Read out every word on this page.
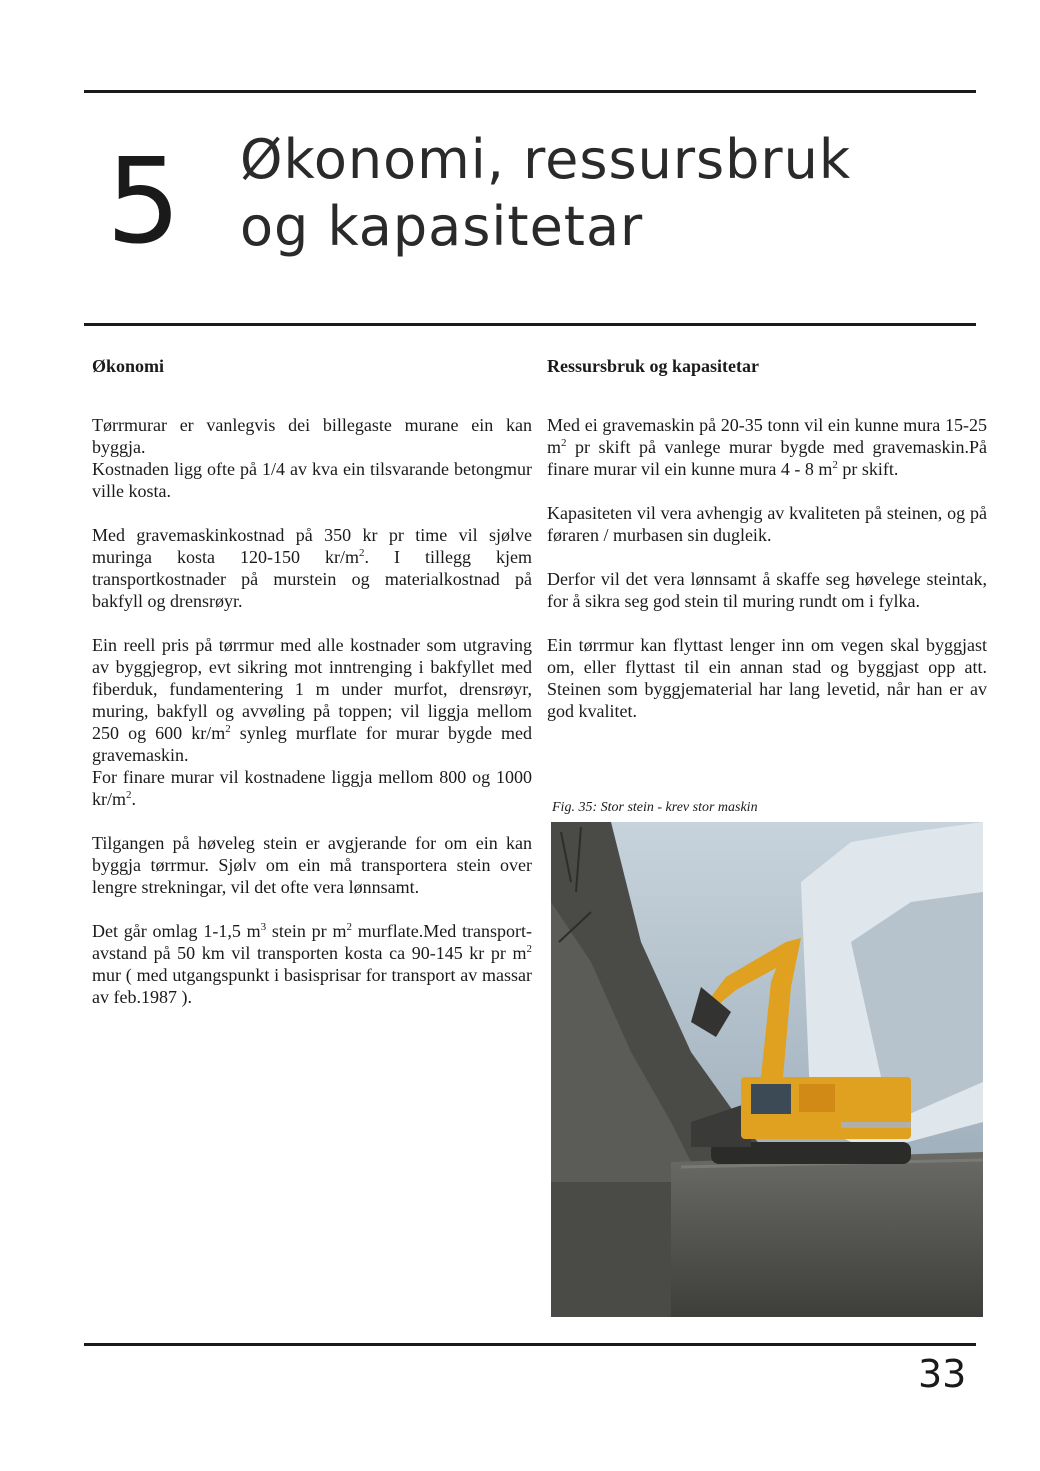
5 Økonomi, ressursbruk
og kapasitetar
Økonomi

Tørrmurar er vanlegvis dei billegaste murane ein kan byggja.

Kostnaden ligg ofte på 1/4 av kva ein tilsvarande betongmur ville kosta.

Med gravemaskinkostnad på 350 kr pr time vil sjølve muringa kosta 120-150 $kr/m^2$. I tillegg kjem transportkostnader på murstein og materialkostnad på bakfyll og drensrøyr.

Ein reell pris på tørrmur med alle kostnader som utgraving av byggjegrop, evt sikring mot inntrenging i bakfyllet med fiberduk, fundamentering 1 m under murfot, drensrøyr, muring, bakfyll og avvøling på toppen; vil liggja mellom 250 og 600 $kr/m^2$ synleg murflate for murar bygde med gravemaskin.

For finare murar vil kostnadene liggja mellom 800 og 1000 $kr/m^2$.

Tilgangen på høveleg stein er avgjerande for om ein kan byggja tørrmur. Sjølv om ein må transportera stein over lengre strekningar, vil det ofte vera lønnsamt.

Det går omlag 1-1,5 $m^3$ stein pr $m^2$ murflate.Med transport-avstand på 50 km vil transporten kosta ca 90-145 kr pr $m^2$ mur ( med utgangspunkt i basisprisar for transport av massar av feb.1987 ).

Ressursbruk og kapasitetar

Med ei gravemaskin på 20-35 tonn vil ein kunne mura 15-25 $m^2$ pr skift på vanlege murar bygde med gravemaskin.På finare murar vil ein kunne mura 4 - 8 $m^2$ pr skift.

Kapasiteten vil vera avhengig av kvaliteten på steinen, og på føraren / murbasen sin dugleik.

Derfor vil det vera lønnsamt å skaffe seg høvelege steintak, for å sikra seg god stein til muring rundt om i fylka.

Ein tørrmur kan flyttast lenger inn om vegen skal byggjast om, eller flyttast til ein annan stad og byggjast opp att. Steinen som byggjematerial har lang levetid, når han er av god kvalitet.

Fig. 35: Stor stein - krev stor maskin

33
